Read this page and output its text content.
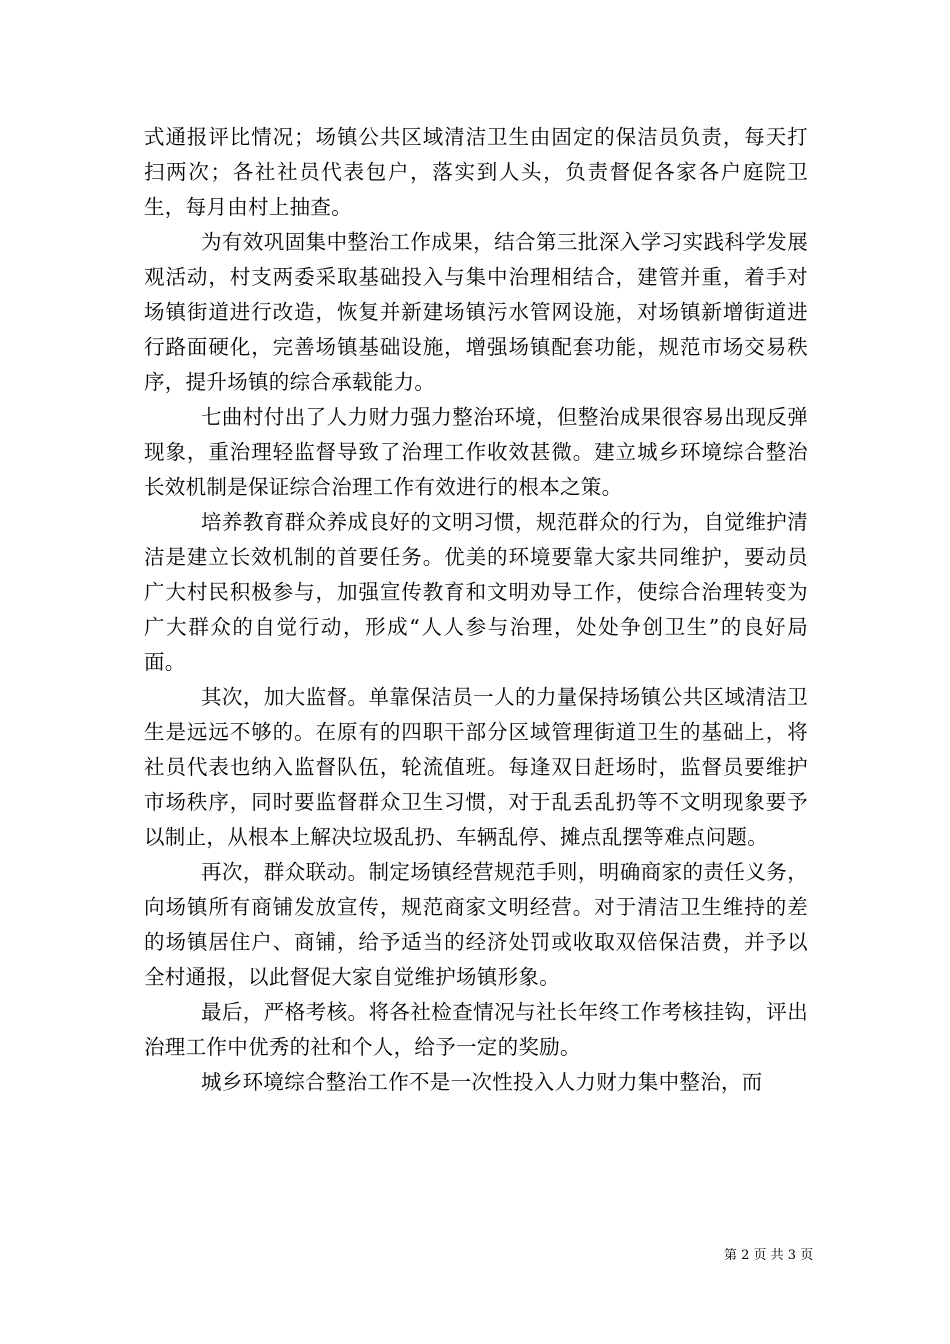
式通报评比情况；场镇公共区域清洁卫生由固定的保洁员负责，每天打扫两次；各社社员代表包户，落实到人头，负责督促各家各户庭院卫生，每月由村上抽查。

为有效巩固集中整治工作成果，结合第三批深入学习实践科学发展观活动，村支两委采取基础投入与集中治理相结合，建管并重，着手对场镇街道进行改造，恢复并新建场镇污水管网设施，对场镇新增街道进行路面硬化，完善场镇基础设施，增强场镇配套功能，规范市场交易秩序，提升场镇的综合承载能力。

七曲村付出了人力财力强力整治环境，但整治成果很容易出现反弹现象，重治理轻监督导致了治理工作收效甚微。建立城乡环境综合整治长效机制是保证综合治理工作有效进行的根本之策。

培养教育群众养成良好的文明习惯，规范群众的行为，自觉维护清洁是建立长效机制的首要任务。优美的环境要靠大家共同维护，要动员广大村民积极参与，加强宣传教育和文明劝导工作，使综合治理转变为广大群众的自觉行动，形成“人人参与治理，处处争创卫生”的良好局面。

其次，加大监督。单靠保洁员一人的力量保持场镇公共区域清洁卫生是远远不够的。在原有的四职干部分区域管理街道卫生的基础上，将社员代表也纳入监督队伍，轮流值班。每逢双日赶场时，监督员要维护市场秩序，同时要监督群众卫生习惯，对于乱丢乱扔等不文明现象要予以制止，从根本上解决垃圾乱扔、车辆乱停、摊点乱摆等难点问题。

再次，群众联动。制定场镇经营规范手则，明确商家的责任义务，向场镇所有商铺发放宣传，规范商家文明经营。对于清洁卫生维持的差的场镇居住户、商铺，给予适当的经济处罚或收取双倍保洁费，并予以全村通报，以此督促大家自觉维护场镇形象。

最后，严格考核。将各社检查情况与社长年终工作考核挂钩，评出治理工作中优秀的社和个人，给予一定的奖励。

城乡环境综合整治工作不是一次性投入人力财力集中整治，而

第 2 页 共 3 页
